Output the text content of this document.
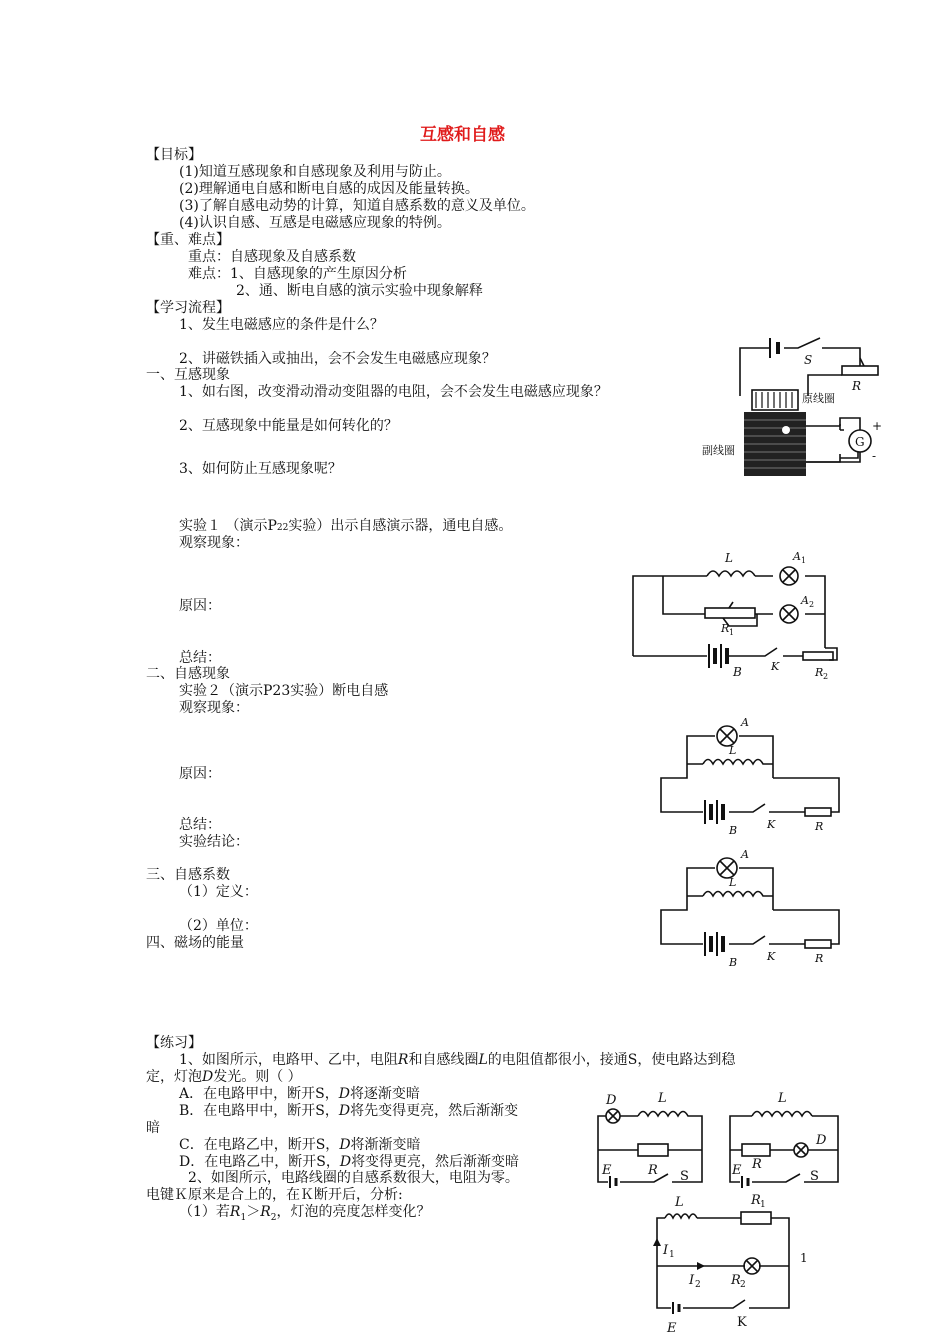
互感和自感
【目标】
(1)知道互感现象和自感现象及利用与防止。
(2)理解通电自感和断电自感的成因及能量转换。
(3)了解自感电动势的计算，知道自感系数的意义及单位。
(4)认识自感、互感是电磁感应现象的特例。
【重、难点】
重点：自感现象及自感系数
难点：1、自感现象的产生原因分析
2、通、断电自感的演示实验中现象解释
【学习流程】
1、发生电磁感应的条件是什么？
2、讲磁铁插入或抽出，会不会发生电磁感应现象？
一、互感现象
1、如右图，改变滑动滑动变阻器的电阻，会不会发生电磁感应现象？
2、互感现象中能量是如何转化的？
3、如何防止互感现象呢？
实验１ （演示P22实验）出示自感演示器，通电自感。
观察现象：
原因：
总结：
二、自感现象
实验２（演示P23实验）断电自感
观察现象：
原因：
总结：
实验结论：
三、自感系数
（1）定义：
（2）单位：
四、磁场的能量
【练习】
1、如图所示，电路甲、乙中，电阻R和自感线圈L的电阻值都很小，接通S，使电路达到稳
定，灯泡D发光。则（ ）
A．在电路甲中，断开S，D将逐渐变暗
B．在电路甲中，断开S，D将先变得更亮，然后渐渐变
暗
C．在电路乙中，断开S，D将渐渐变暗
D．在电路乙中，断开S，D将变得更亮，然后渐渐变暗
2、如图所示，电路线圈的自感系数很大，电阻为零。
电键Ｋ原来是合上的，在Ｋ断开后，分析:
（1）若$R_1>R_2$，灯泡的亮度怎样变化？
1
S
R
原线圈
G
+
-
副线圈
L	A 1
R 1
A 2
B	K	R 2
A
L
B	K	R
A
L
B	K	R
D	L
R
E	S
L
R
D
E	S
L	R 1
I 1
I 2 R 2
E	K
